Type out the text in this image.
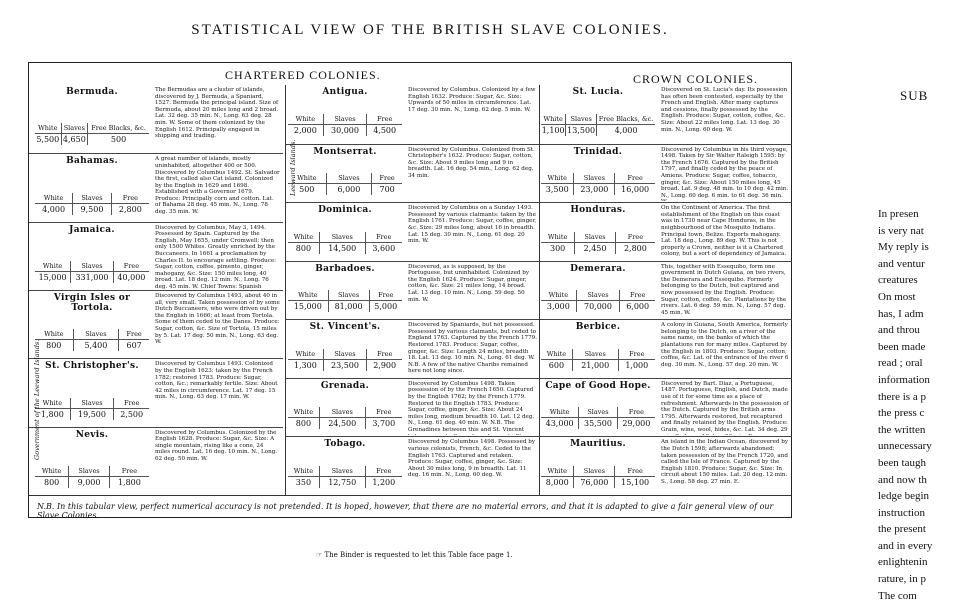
STATISTICAL VIEW OF THE BRITISH SLAVE COLONIES.
CHARTERED COLONIES.	CROWN COLONIES.
Bermuda.
White	Slaves	Free Blacks, &c.
5,500	4,650	500
The Bermudas are a cluster of islands, discovered by J. Bermuda, a Spaniard, 1527. Bermuda the principal island. Size of Bermuda, about 20 miles long and 2 broad. Lat. 32 deg. 35 min. N., Long. 63 deg. 28 min. W. Some of them colonized by the English 1612. Principally engaged in shipping and trading.
Bahamas.
White	Slaves	Free
4,000	9,500	2,800
A great number of islands, mostly uninhabited, altogether 400 or 500. Discovered by Columbus 1492. St. Salvador the first, called also Cat island. Colonized by the English in 1629 and 1698. Established with a Governor 1679. Produce: Principally corn and cotton. Lat. of Bahama 28 deg. 45 min. N., Long. 78 deg. 35 min. W.
Jamaica.
White	Slaves	Free
15,000	331,000	40,000
Discovered by Columbus, May 3, 1494. Possessed by Spain. Captured by the English, May 1655, under Cromwell: then only 1500 Whites. Greatly enriched by the Buccaneers. In 1661 a proclamation by Charles II. to encourage settling. Produce: Sugar, cotton, coffee, pimento, ginger, mahogany, &c. Size: 150 miles long, 40 broad. Lat. 18 deg. 12 min. N., Long. 76 deg. 45 min. W. Chief Towns: Spanish
Virgin Isles or Tortola.
White	Slaves	Free
800	5,400	607
Discovered by Columbus 1493, about 40 in all, very small. Taken possession of by some Dutch Buccaneers, who were driven out by the English in 1666; at least from Tortola. Some of them ceded to the Danes. Produce: Sugar, cotton, &c. Size of Tortola, 15 miles by 5. Lat. 17 deg. 50 min. N., Long. 63 deg. W.
St. Christopher's.
White	Slaves	Free
1,800	19,500	2,500
Discovered by Columbus 1493. Colonized by the English 1623: taken by the French 1782; restored 1783. Produce: Sugar, cotton, &c.; remarkably fertile. Size: About 42 miles in circumference. Lat. 17 deg. 15 min. N., Long. 63 deg. 17 min. W.
Nevis.
White	Slaves	Free
800	9,000	1,800
Discovered by Columbus. Colonized by the English 1628. Produce: Sugar, &c. Size: A single mountain, rising like a cone, 24 miles round. Lat. 16 deg. 10 min. N., Long. 62 deg. 50 min. W.
Antigua.
White	Slaves	Free
2,000	30,000	4,500
Discovered by Columbus. Colonized by a few English 1632. Produce: Sugar, &c. Size: Upwards of 50 miles in circumference. Lat. 17 deg. 30 min. N., Long. 62 deg. 5 min. W.
Montserrat.
White	Slaves	Free
500	6,000	700
Discovered by Columbus. Colonized from St. Christopher's 1632. Produce: Sugar, cotton, &c. Size: About 9 miles long and 9 in breadth. Lat. 16 deg. 54 min., Long. 62 deg. 34 min.
Dominica.
White	Slaves	Free
800	14,500	3,600
Discovered by Columbus on a Sunday 1493. Possessed by various claimants: taken by the English 1761. Produce: Sugar, coffee, ginger, &c. Size: 29 miles long, about 16 in breadth. Lat. 15 deg. 30 min. N., Long. 61 deg. 20 min. W.
Barbadoes.
White	Slaves	Free
15,000	81,000	5,000
Discovered, as is supposed, by the Portuguese, but uninhabited. Colonized by the English 1624. Produce: Sugar, ginger, cotton, &c. Size: 21 miles long, 14 broad. Lat. 13 deg. 10 min. N., Long. 59 deg. 50 min. W.
St. Vincent's.
White	Slaves	Free
1,300	23,500	2,900
Discovered by Spaniards, but not possessed. Possessed by various claimants, but ceded to England 1763. Captured by the French 1779. Restored 1783. Produce: Sugar, coffee, ginger, &c. Size: Length 24 miles, breadth 18. Lat. 13 deg. 10 min. N., Long. 61 deg. W. N.B. A few of the native Charibs remained here not long since.
Grenada.
White	Slaves	Free
800	24,500	3,700
Discovered by Columbus 1498. Taken possession of by the French 1650. Captured by the English 1762; by the French 1779. Restored to the English 1783. Produce: Sugar, coffee, ginger, &c. Size: About 24 miles long, medium breadth 10. Lat. 12 deg. N., Long. 61 deg. 40 min. W. N.B. The Grenadines between this and St. Vincent
Tobago.
White	Slaves	Free
350	12,750	1,200
Discovered by Columbus 1498. Possessed by various colonists, French, &c. Ceded to the English 1763. Captured and retaken. Produce: Sugar, coffee, ginger, &c. Size: About 30 miles long, 9 in breadth. Lat. 11 deg. 16 min. N., Long. 60 deg. W.
St. Lucia.
White	Slaves	Free Blacks, &c.
1,100	13,500	4,000
Discovered on St. Lucia's day. Its possession has often been contested, especially by the French and English. After many captures and cessions, finally possessed by the English. Produce: Sugar, cotton, coffee, &c. Size: About 22 miles long. Lat. 13 deg. 30 min. N., Long. 60 deg. W.
Trinidad.
White	Slaves	Free
3,500	23,000	16,000
Discovered by Columbus in his third voyage, 1498. Taken by Sir Walter Raleigh 1595: by the French 1676. Captured by the British 1797, and finally ceded by the peace of Amiens. Produce: Sugar, coffee, tobacco, ginger, &c. Size: About 150 miles long, 45 broad. Lat. 9 deg. 48 min. to 10 deg. 42 min. N., Long. 60 deg. 6 min. to 61 deg. 36 min.
Honduras.
White	Slaves	Free
300	2,450	2,800
On the Continent of America. The first establishment of the English on this coast was in 1730 near Cape Honduras, in the neighbourhood of the Mosquito Indians. Principal town, Belize. Exports mahogany. Lat. 18 deg., Long. 89 deg. W. This is not properly a Crown, neither is it a Chartered colony, but a sort of dependency of Jamaica.
Demerara.
White	Slaves	Free
3,000	70,000	6,000
This, together with Essequibo, form one government in Dutch Guiana, on two rivers, the Demerara and Essequibo. Formerly belonging to the Dutch, but captured and now possessed by the English. Produce: Sugar, cotton, coffee, &c. Plantations by the rivers. Lat. 6 deg. 59 min. N., Long. 57 deg. 45 min. W.
Berbice.
White	Slaves	Free
600	21,000	1,000
A colony in Guiana, South America, formerly belonging to the Dutch, on a river of the same name, on the banks of which the plantations run for many miles. Captured by the English in 1803. Produce: Sugar, cotton, coffee, &c. Lat. of the entrance of the river 6 deg. 30 min. N., Long. 57 deg. 20 min. W.
Cape of Good Hope.
White	Slaves	Free
43,000	35,500	29,000
Discovered by Bart. Diaz, a Portuguese, 1487. Portuguese, English, and Dutch, made use of it for some time as a place of refreshment. Afterwards in the possession of the Dutch. Captured by the British arms 1795. Afterwards restored, but recaptured and finally retained by the English. Produce: Grain, wine, wool, hides, &c. Lat. 34 deg. 29
Mauritius.
White	Slaves	Free
8,000	76,000	15,100
An island in the Indian Ocean, discovered by the Dutch 1598; afterwards abandoned: taken possession of by the French 1720, and called the Isle of France. Captured by the English 1810. Produce: Sugar, &c. Size: In circuit about 150 miles. Lat. 20 deg. 12 min. S., Long. 58 deg. 27 min. E.
N.B. In this tabular view, perfect numerical accuracy is not pretended. It is hoped, however, that there are no material errors, and that it is adapted to give a fair general view of our Slave Colonies.
Leeward Islands.
Government of the Leeward Islands.
☞ The Binder is requested to let this Table face page 1.
SUB
In presen
is very nat
My reply is
and ventur
creatures
On most
has, I adm
and throu
been made
read ; oral
information
there is a p
the press c
the written
unnecessary
been taugh
and now th
ledge begin
instruction
the present
and in every
enlightenin
rature, in p
The com
